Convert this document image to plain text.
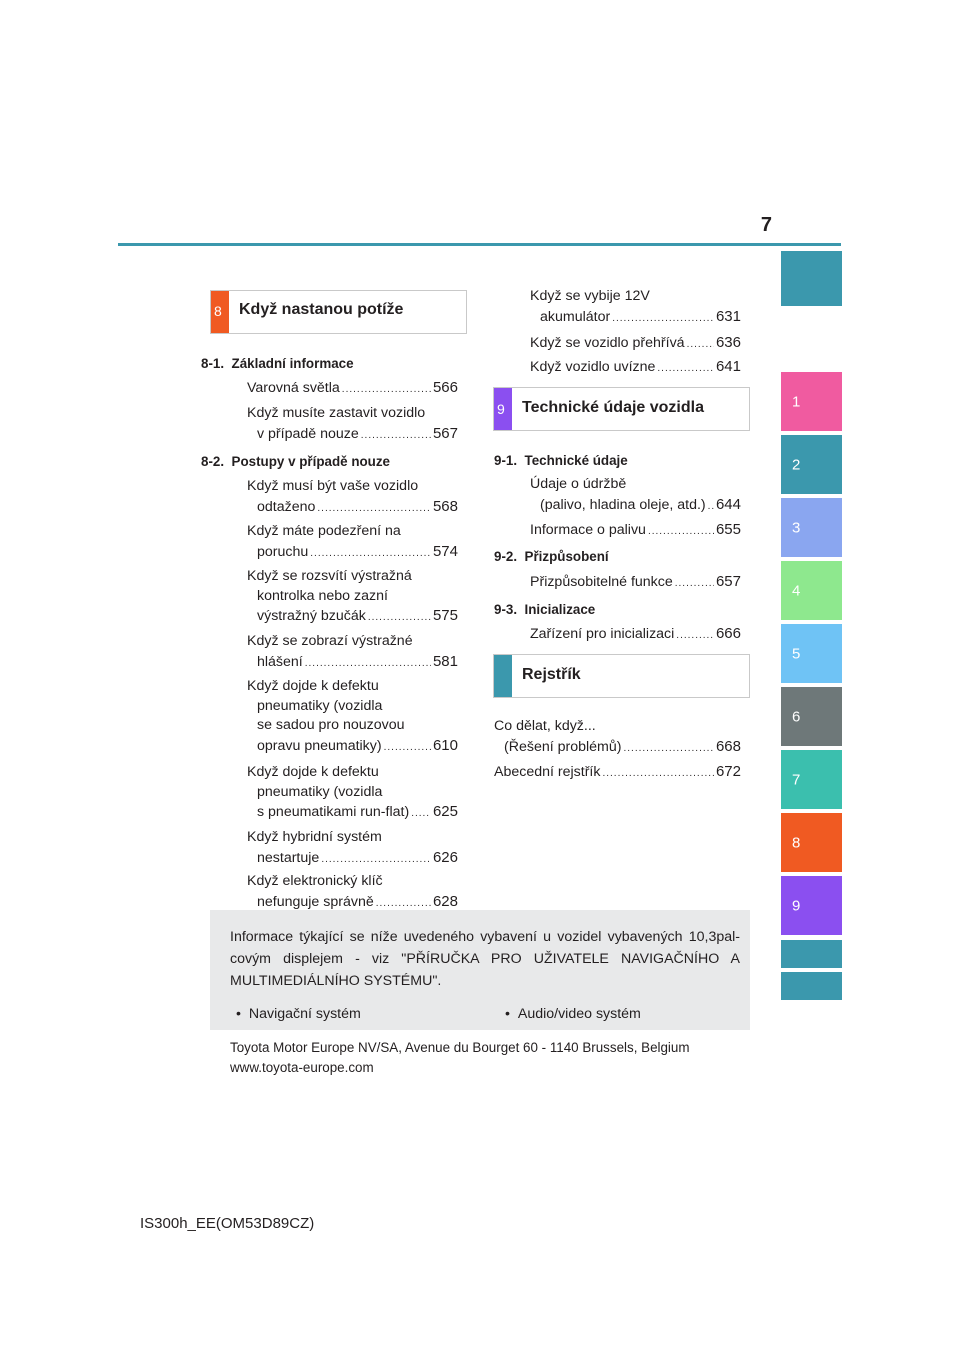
7
1
2
3
4
5
6
7
8
9
8 Když nastanou potíže
8-1. Základní informace
Varovná světla .....	566
Když musíte zastavit vozidlo
v případě nouze .....	567
8-2. Postupy v případě nouze
Když musí být vaše vozidlo
odtaženo .....	568
Když máte podezření na
poruchu .....	574
Když se rozsvítí výstražná
kontrolka nebo zazní
výstražný bzučák .....	575
Když se zobrazí výstražné
hlášení .....	581
Když dojde k defektu
pneumatiky (vozidla
se sadou pro nouzovou
opravu pneumatiky) .....	610
Když dojde k defektu
pneumatiky (vozidla
s pneumatikami run-flat) ..... 625
Když hybridní systém
nestartuje .....	626
Když elektronický klíč
nefunguje správně .....	628
Když se vybije 12V
akumulátor .....	631
Když se vozidlo přehřívá ..... 636
Když vozidlo uvízne .....	641
9 Technické údaje vozidla
9-1. Technické údaje
Údaje o údržbě
(palivo, hladina oleje, atd.) ..... 644
Informace o palivu .....	655
9-2. Přizpůsobení
Přizpůsobitelné funkce .....	657
9-3. Inicializace
Zařízení pro inicializaci .....	666
Rejstřík
Co dělat, když...
(Řešení problémů) .....	668
Abecední rejstřík .....	672
Informace týkající se níže uvedeného vybavení u vozidel vybavených 10,3pal-covým displejem - viz "PŘÍRUČKA PRO UŽIVATELE NAVIGAČNÍHO A MULTIMEDIÁLNÍHO SYSTÉMU".
•  Navigační systém	•  Audio/video systém
Toyota Motor Europe NV/SA, Avenue du Bourget 60 - 1140 Brussels, Belgium
www.toyota-europe.com
IS300h_EE(OM53D89CZ)
